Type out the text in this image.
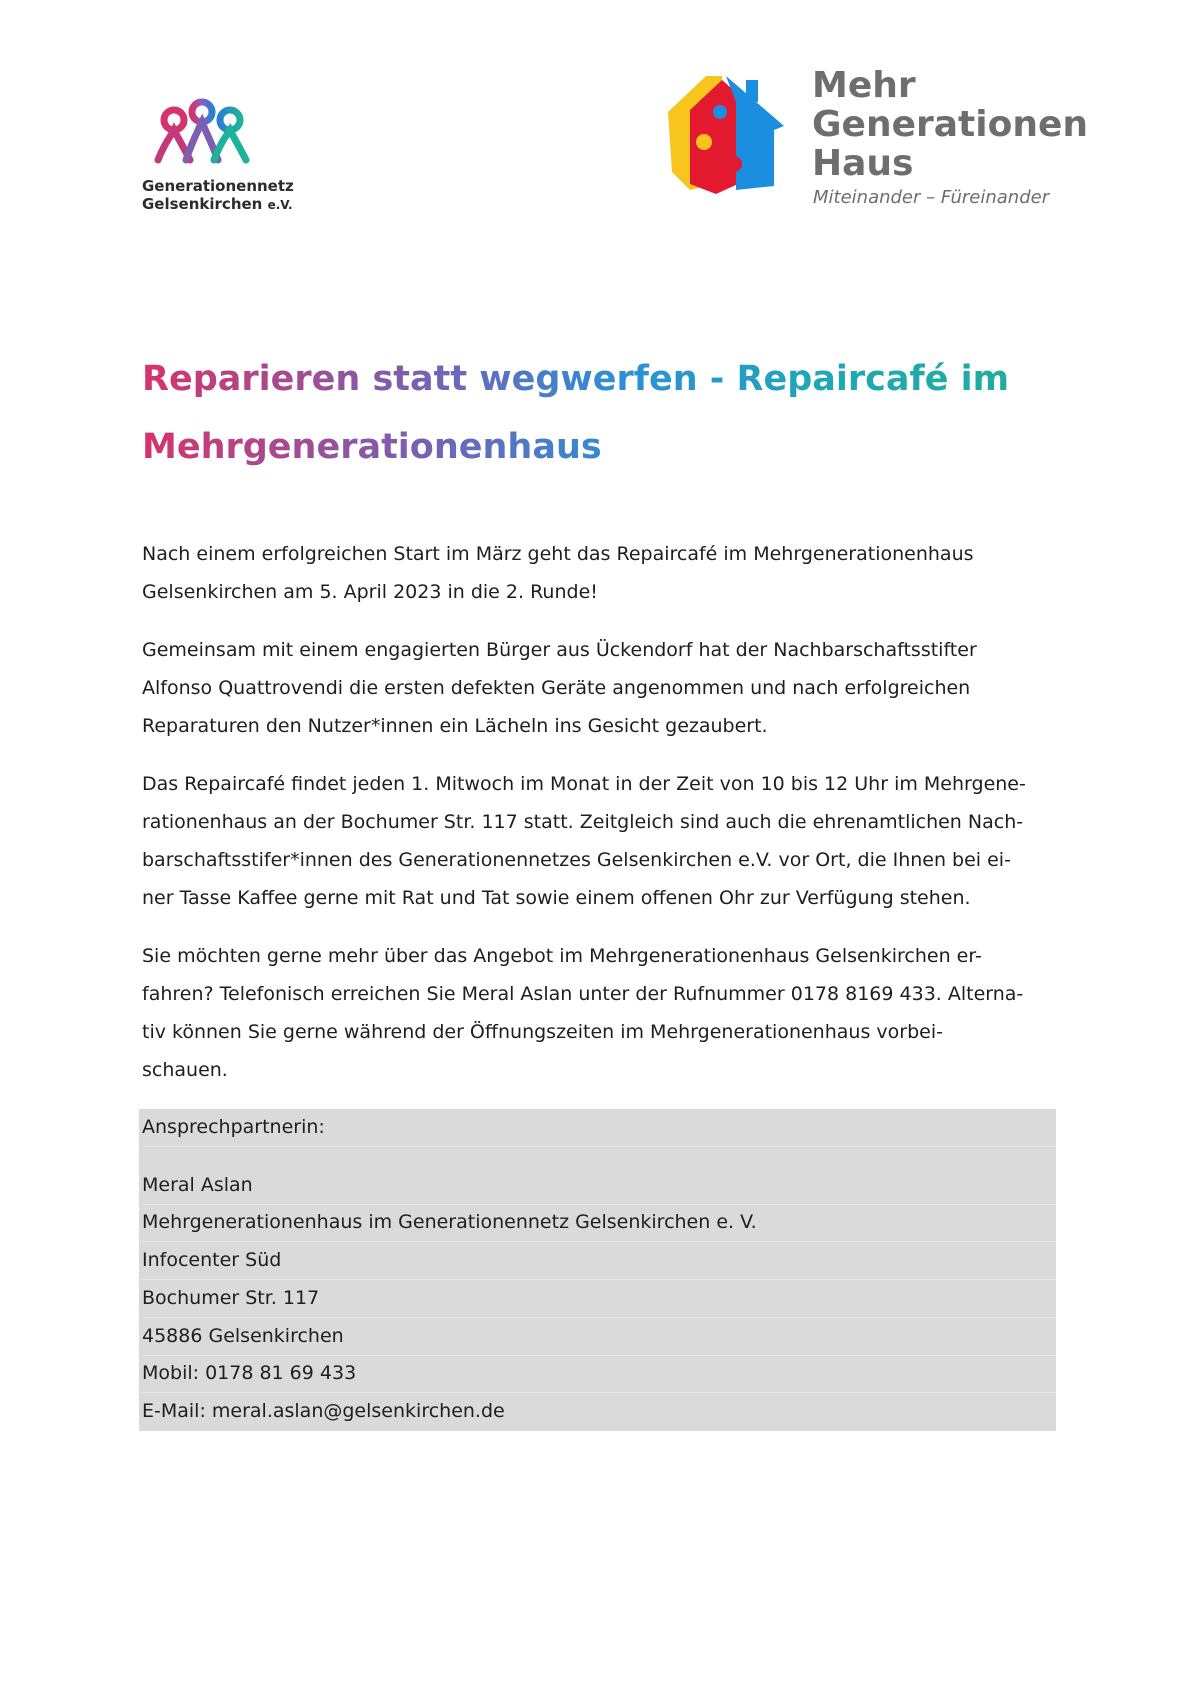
Generationennetz
Gelsenkirchen e.V.
Mehr
Generationen
Haus
Miteinander – Füreinander
Reparieren statt wegwerfen - Repaircafé im
Mehrgenerationenhaus

Nach einem erfolgreichen Start im März geht das Repaircafé im Mehrgenerationenhaus
Gelsenkirchen am 5. April 2023 in die 2. Runde!

Gemeinsam mit einem engagierten Bürger aus Ückendorf hat der Nachbarschaftsstifter
Alfonso Quattrovendi die ersten defekten Geräte angenommen und nach erfolgreichen
Reparaturen den Nutzer*innen ein Lächeln ins Gesicht gezaubert.

Das Repaircafé findet jeden 1. Mitwoch im Monat in der Zeit von 10 bis 12 Uhr im Mehrgene-
rationenhaus an der Bochumer Str. 117 statt. Zeitgleich sind auch die ehrenamtlichen Nach-
barschaftsstifer*innen des Generationennetzes Gelsenkirchen e.V. vor Ort, die Ihnen bei ei-
ner Tasse Kaffee gerne mit Rat und Tat sowie einem offenen Ohr zur Verfügung stehen.

Sie möchten gerne mehr über das Angebot im Mehrgenerationenhaus Gelsenkirchen er-
fahren? Telefonisch erreichen Sie Meral Aslan unter der Rufnummer 0178 8169 433. Alterna-
tiv können Sie gerne während der Öffnungszeiten im Mehrgenerationenhaus vorbei-
schauen.

Ansprechpartnerin:
Meral Aslan
Mehrgenerationenhaus im Generationennetz Gelsenkirchen e. V.
Infocenter Süd
Bochumer Str. 117
45886 Gelsenkirchen
Mobil: 0178 81 69 433
E-Mail: meral.aslan@gelsenkirchen.de
